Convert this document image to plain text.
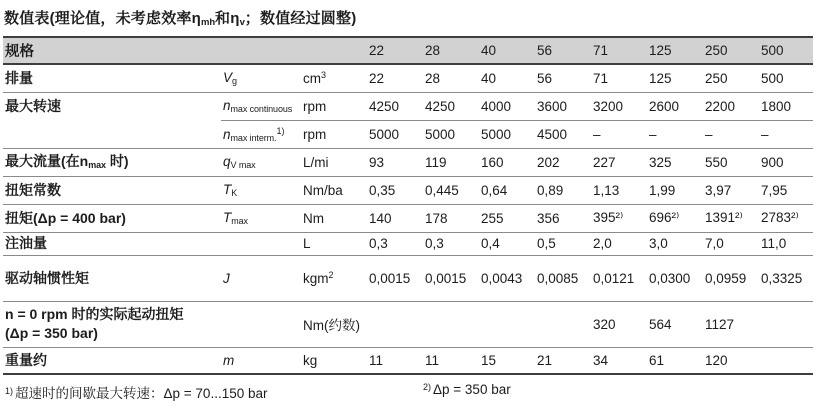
数值表(理论值，未考虑效率$\eta_{mh}$和$\eta_v$；数值经过圆整)
规格			22	28	40	56	71	125	250	500
排量	$V_g$	$cm^3$	22	28	40	56	71	125	250	500
最大转速	$n_{max continuous}$	rpm	4250	4250	4000	3600	3200	2600	2200	1800
	$n_{max interm.}^{1)}$	rpm	5000	5000	5000	4500	–	–	–	–
最大流量(在$n_{max}$ 时)	$q_{V max}$	L/mi	93	119	160	202	227	325	550	900
扭矩常数	$T_K$	Nm/ba	0,35	0,445	0,64	0,89	1,13	1,99	3,97	7,95
扭矩(Δp = 400 bar)	$T_{max}$	Nm	140	178	255	356	395²⁾	696²⁾	1391²⁾	2783²⁾
注油量		L	0,3	0,3	0,4	0,5	2,0	3,0	7,0	11,0
驱动轴惯性矩	J	kgm$^2$	0,0015	0,0015	0,0043	0,0085	0,0121	0,0300	0,0959	0,3325
n = 0 rpm 时的实际起动扭矩
(Δp = 350 bar)		Nm(约数)					320	564	1127	
重量约	m	kg	11	11	15	21	34	61	120	
$^{1)}$ 超速时的间歇最大转速：Δp = 70...150 bar	$^{2)}$ Δp = 350 bar
